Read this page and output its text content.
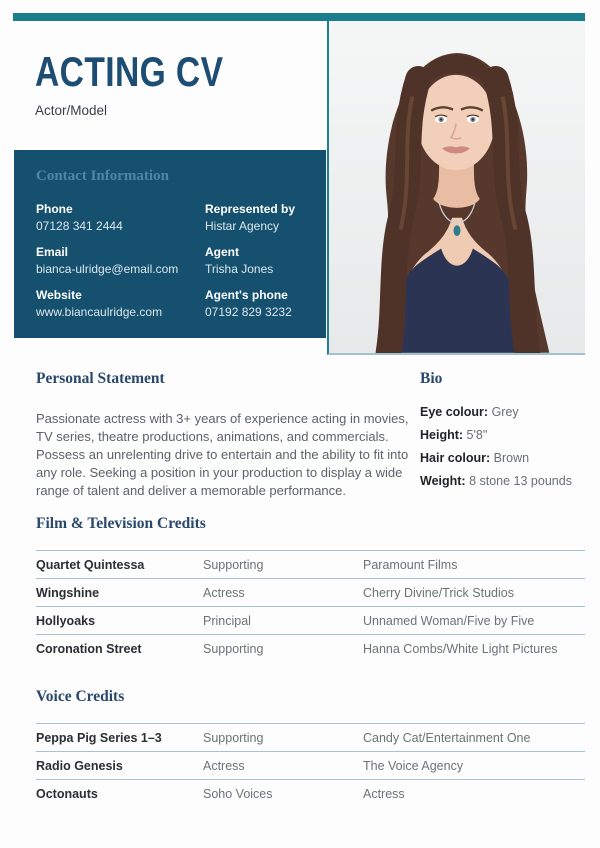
ACTING CV
Actor/Model
Contact Information
Phone
07128 341 2444
Represented by
Histar Agency
Email
bianca-ulridge@email.com
Agent
Trisha Jones
Website
www.biancaulridge.com
Agent's phone
07192 829 3232
Personal Statement
Passionate actress with 3+ years of experience acting in movies, TV series, theatre productions, animations, and commercials. Possess an unrelenting drive to entertain and the ability to fit into any role. Seeking a position in your production to display a wide range of talent and deliver a memorable performance.
Bio
Eye colour: Grey
Height: 5'8"
Hair colour: Brown
Weight: 8 stone 13 pounds
Film & Television Credits
Quartet Quintessa	Supporting	Paramount Films
Wingshine	Actress	Cherry Divine/Trick Studios
Hollyoaks	Principal	Unnamed Woman/Five by Five
Coronation Street	Supporting	Hanna Combs/White Light Pictures
Voice Credits
Peppa Pig Series 1–3	Supporting	Candy Cat/Entertainment One
Radio Genesis	Actress	The Voice Agency
Octonauts	Soho Voices	Actress
